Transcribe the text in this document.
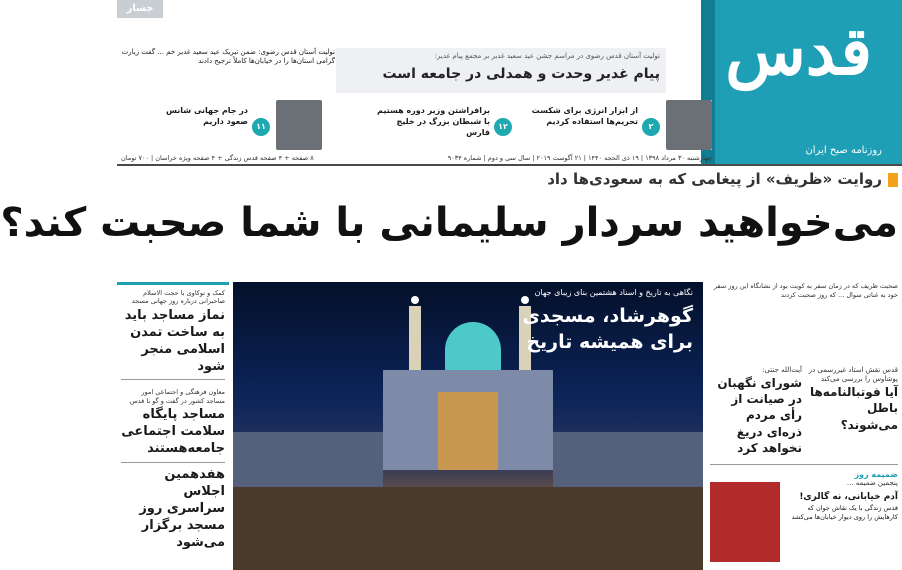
قدس
روزنامه صبح ایران
جسار
تولیت آستان قدس رضوی در مراسم جشن عید سعید غدیر بر مجمع پیام غدیر:
پیام غدیر وحدت و همدلی در جامعه است
تولیت آستان قدس رضوی: ضمن تبریک عید سعید غدیر خم ... گفت زیارت گرامی استان‌ها را در خیابان‌ها کاملاً ترجیح دادند
۲
از ابزار انرژی برای شکست تحریم‌ها استفاده کردیم
۱۲
برافراشتن وزیر دوره هستیم با شبطان بزرگ در خلیج فارس
۱۱
در جام جهانی شانس صعود داریم
چهارشنبه ۳۰ مرداد ۱۳۹۸ | ۱۹ ذی الحجه ۱۴۴۰ | ۲۱ آگوست ۲۰۱۹ | سال سی و دوم | شماره ۹۰۳۴
۸ صفحه + ۴ صفحه قدس زندگی + ۴ صفحه ویژه خراسان | ۷۰۰ تومان
روایت «ظریف» از پیغامی که به سعودی‌ها داد
می‌خواهید سردار سلیمانی با شما صحبت کند؟
کمک و نوکاوی با حجت الاسلام صاحبرانی درباره روز جهانی مسجد
نماز مساجد باید به ساخت تمدن اسلامی منجر شود
معاون فرهنگی و اجتماعی امور مساجد کشور در گفت و گو با قدس
مساجد پایگاه سلامت اجتماعی جامعه‌هستند
هفدهمین اجلاس سراسری روز مسجد برگزار می‌شود
نگاهی به تاریخ و اسناد هشتمین بنای زیبای جهان
گوهرشاد، مسجدی
برای همیشه تاریخ
صحبت ظریف که در زمان سفر به کویت بود از نشانگاه این روز سفر خود به غناتی سوال ... که روز صحبت کردند
آیت‌الله جنتی:
شورای نگهبان در صیانت از رأی مردم ذره‌ای دریغ نخواهد کرد
قدس نقش استاد غیررسمی در پوشاوس را بررسی می‌کند
آیا فوتبالنامه‌ها باطل می‌شوند؟
ضمیمه روز
پنجمین ضمیمه ...
آدم خیابانی، نه گالری!
قدس زندگی با یک نقاش جوان که کارهایش را روی دیوار خیابان‌ها می‌کشد
